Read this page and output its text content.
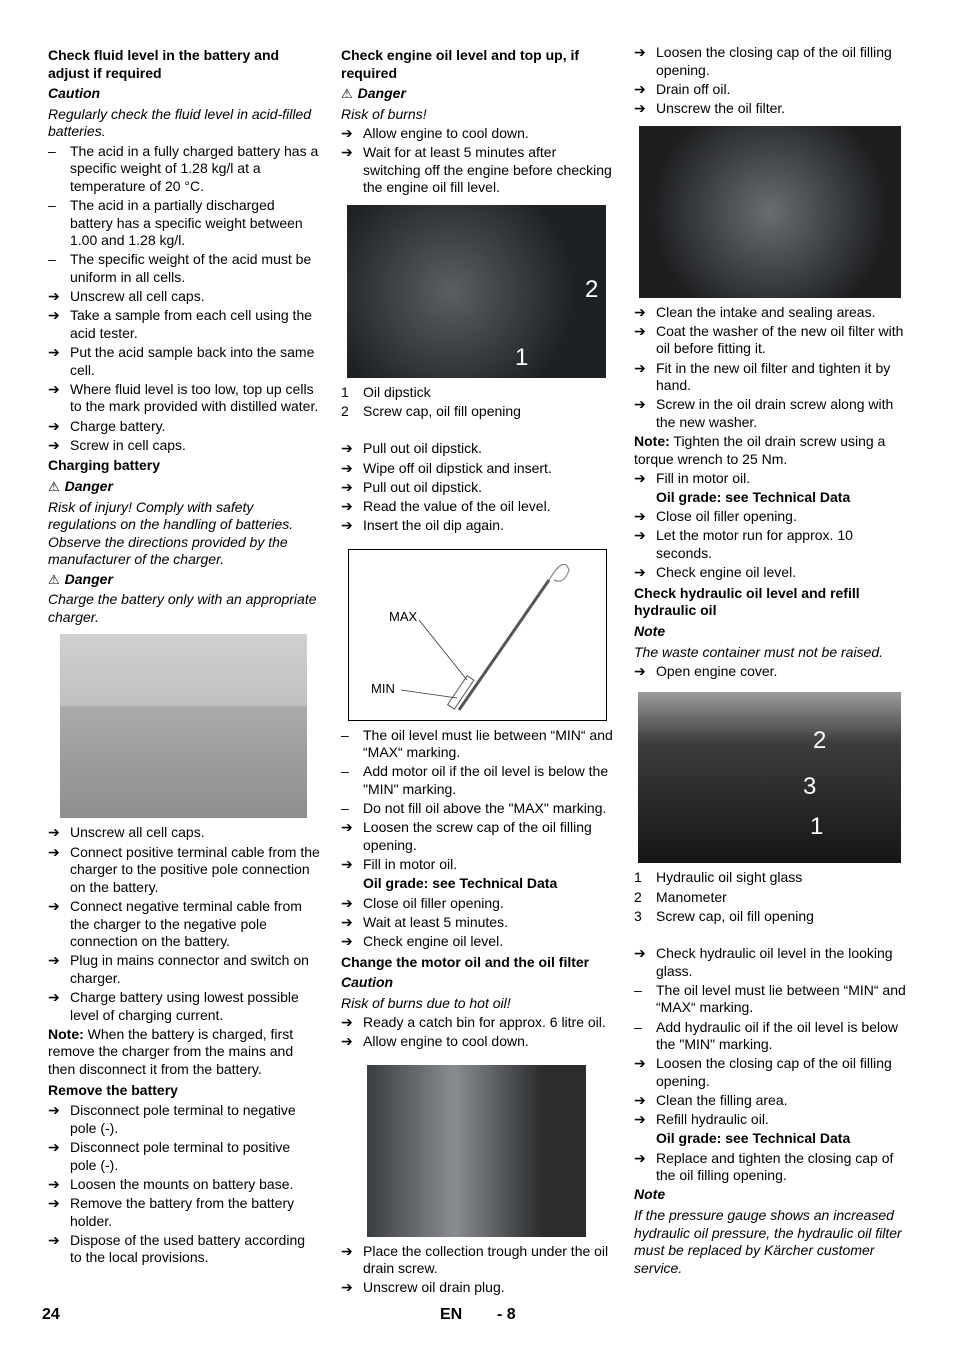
Check fluid level in the battery and adjust if required
Caution
Regularly check the fluid level in acid-filled batteries.
– The acid in a fully charged battery has a specific weight of 1.28 kg/l at a temperature of 20 °C.
– The acid in a partially discharged battery has a specific weight between 1.00 and 1.28 kg/l.
– The specific weight of the acid must be uniform in all cells.
➔ Unscrew all cell caps.
➔ Take a sample from each cell using the acid tester.
➔ Put the acid sample back into the same cell.
➔ Where fluid level is too low, top up cells to the mark provided with distilled water.
➔ Charge battery.
➔ Screw in cell caps.
Charging battery
⚠ Danger
Risk of injury! Comply with safety regulations on the handling of batteries. Observe the directions provided by the manufacturer of the charger.
⚠ Danger
Charge the battery only with an appropriate charger.
➔ Unscrew all cell caps.
➔ Connect positive terminal cable from the charger to the positive pole connection on the battery.
➔ Connect negative terminal cable from the charger to the negative pole connection on the battery.
➔ Plug in mains connector and switch on charger.
➔ Charge battery using lowest possible level of charging current.
Note: When the battery is charged, first remove the charger from the mains and then disconnect it from the battery.
Remove the battery
➔ Disconnect pole terminal to negative pole (-).
➔ Disconnect pole terminal to positive pole (-).
➔ Loosen the mounts on battery base.
➔ Remove the battery from the battery holder.
➔ Dispose of the used battery according to the local provisions.
Check engine oil level and top up, if required
⚠ Danger
Risk of burns!
➔ Allow engine to cool down.
➔ Wait for at least 5 minutes after switching off the engine before checking the engine oil fill level.
2
1
1 Oil dipstick
2 Screw cap, oil fill opening
➔ Pull out oil dipstick.
➔ Wipe off oil dipstick and insert.
➔ Pull out oil dipstick.
➔ Read the value of the oil level.
➔ Insert the oil dip again.
MAX
MIN
– The oil level must lie between “MIN“ and “MAX“ marking.
– Add motor oil if the oil level is below the "MIN" marking.
– Do not fill oil above the "MAX" marking.
➔ Loosen the screw cap of the oil filling opening.
➔ Fill in motor oil.
Oil grade: see Technical Data
➔ Close oil filler opening.
➔ Wait at least 5 minutes.
➔ Check engine oil level.
Change the motor oil and the oil filter
Caution
Risk of burns due to hot oil!
➔ Ready a catch bin for approx. 6 litre oil.
➔ Allow engine to cool down.
➔ Place the collection trough under the oil drain screw.
➔ Unscrew oil drain plug.
➔ Loosen the closing cap of the oil filling opening.
➔ Drain off oil.
➔ Unscrew the oil filter.
➔ Clean the intake and sealing areas.
➔ Coat the washer of the new oil filter with oil before fitting it.
➔ Fit in the new oil filter and tighten it by hand.
➔ Screw in the oil drain screw along with the new washer.
Note: Tighten the oil drain screw using a torque wrench to 25 Nm.
➔ Fill in motor oil.
Oil grade: see Technical Data
➔ Close oil filler opening.
➔ Let the motor run for approx. 10 seconds.
➔ Check engine oil level.
Check hydraulic oil level and refill hydraulic oil
Note
The waste container must not be raised.
➔ Open engine cover.
2
3
1
1 Hydraulic oil sight glass
2 Manometer
3 Screw cap, oil fill opening
➔ Check hydraulic oil level in the looking glass.
– The oil level must lie between “MIN“ and “MAX“ marking.
– Add hydraulic oil if the oil level is below the "MIN" marking.
➔ Loosen the closing cap of the oil filling opening.
➔ Clean the filling area.
➔ Refill hydraulic oil.
Oil grade: see Technical Data
➔ Replace and tighten the closing cap of the oil filling opening.
Note
If the pressure gauge shows an increased hydraulic oil pressure, the hydraulic oil filter must be replaced by Kärcher customer service.
24	EN - 8
